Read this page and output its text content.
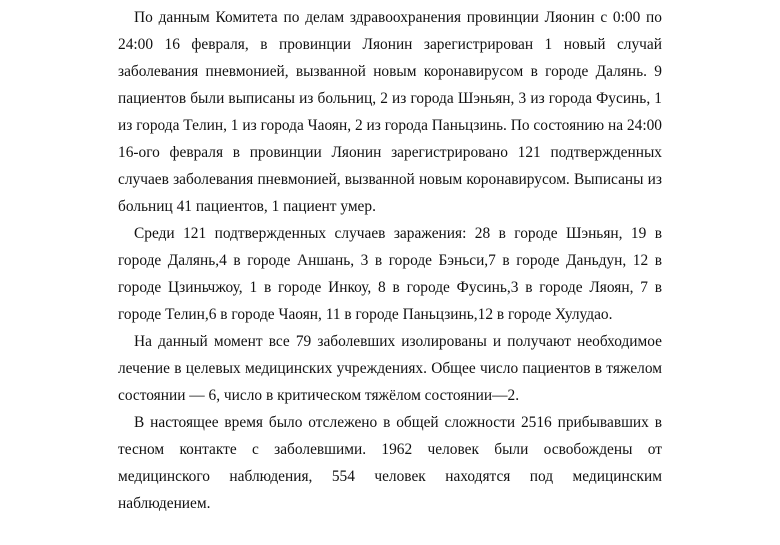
По данным Комитета по делам здравоохранения провинции Ляонин с 0:00 по 24:00 16 февраля, в провинции Ляонин зарегистрирован 1 новый случай заболевания пневмонией, вызванной новым коронавирусом в городе Далянь. 9 пациентов были выписаны из больниц, 2 из города Шэньян, 3 из города Фусинь, 1 из города Телин, 1 из города Чаоян, 2 из города Паньцзинь. По состоянию на 24:00 16-ого февраля в провинции Ляонин зарегистрировано 121 подтвержденных случаев заболевания пневмонией, вызванной новым коронавирусом. Выписаны из больниц 41 пациентов, 1 пациент умер.

Среди 121 подтвержденных случаев заражения: 28 в городе Шэньян, 19 в городе Далянь,4 в городе Аншань, 3 в городе Бэньси,7 в городе Даньдун, 12 в городе Цзиньчжоу, 1 в городе Инкоу, 8 в городе Фусинь,3 в городе Ляоян, 7 в городе Телин,6 в городе Чаоян, 11 в городе Паньцзинь,12 в городе Хулудао.

На данный момент все 79 заболевших изолированы и получают необходимое лечение в целевых медицинских учреждениях. Общее число пациентов в тяжелом состоянии — 6, число в критическом тяжёлом состоянии—2.

В настоящее время было отслежено в общей сложности 2516 прибывавших в тесном контакте с заболевшими. 1962 человек были освобождены от медицинского наблюдения, 554 человек находятся под медицинским наблюдением.
